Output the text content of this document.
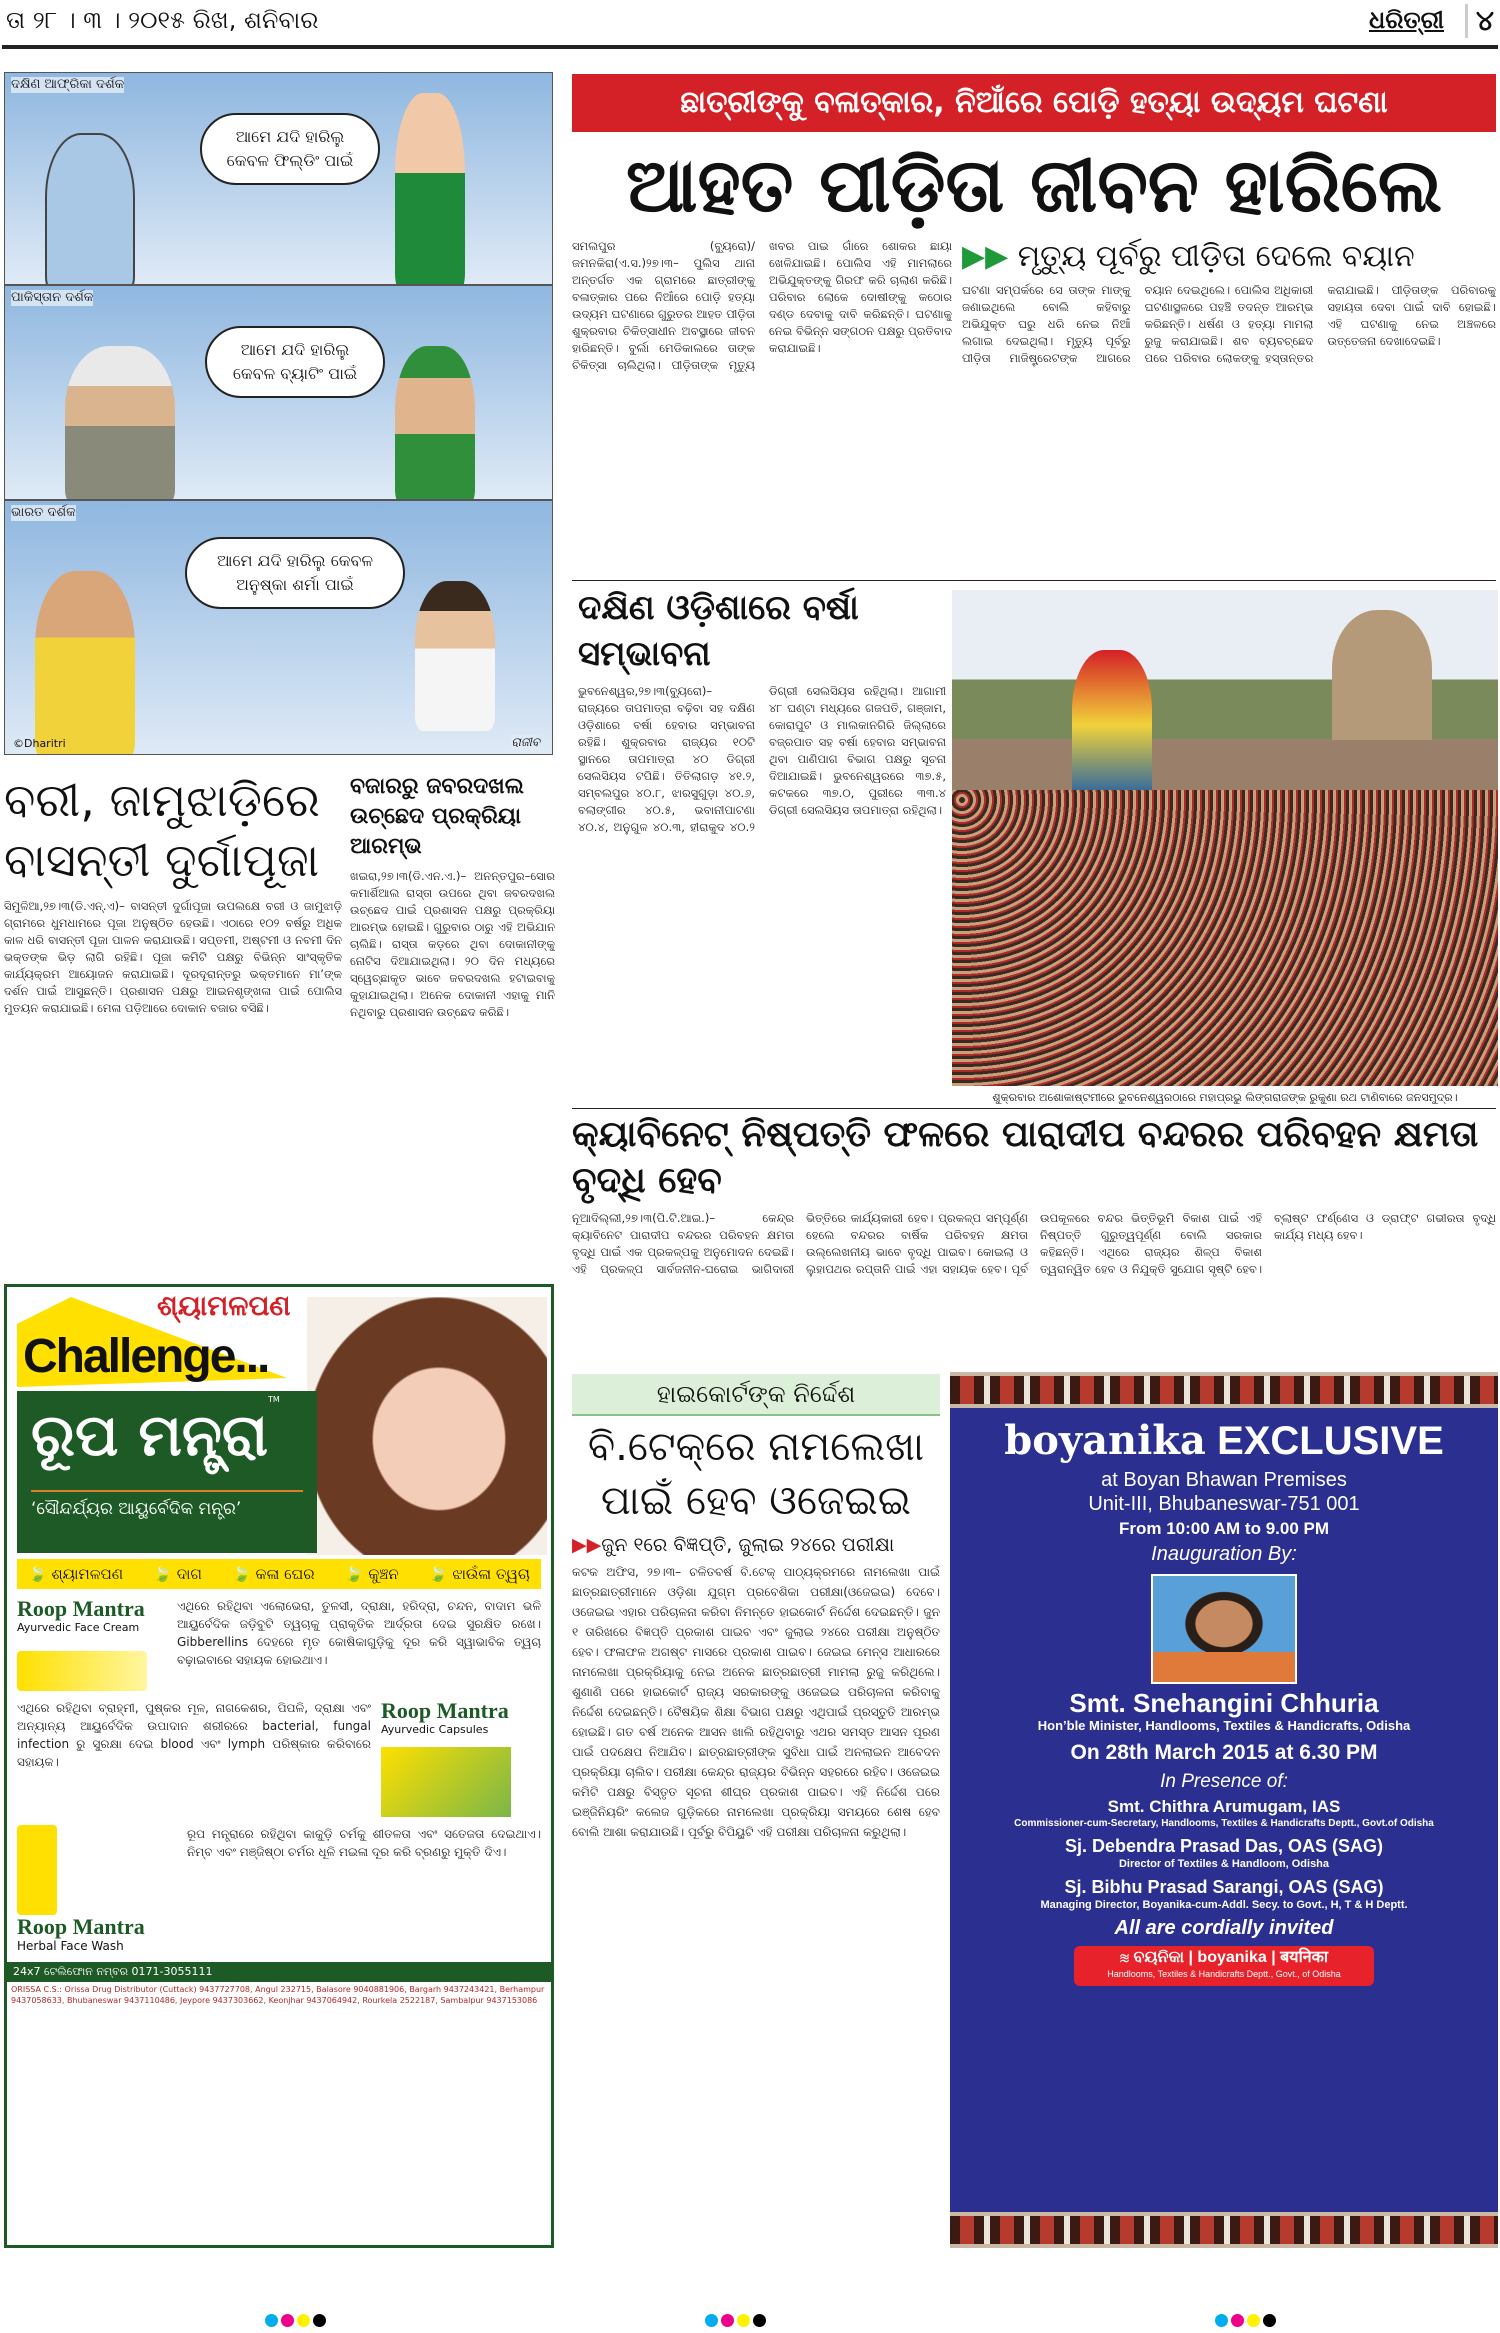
ତା ୨୮ । ୩ । ୨୦୧୫ ରିଖ, ଶନିବାର	ଧରିତ୍ରୀ	୪
ଦକ୍ଷିଣ ଆଫ୍ରିକା ଦର୍ଶକ
ଆମେ ଯଦି ହାରିଲୁ କେବଳ ଫିଲ୍ଡିଂ ପାଇଁ
ପାକିସ୍ତାନ ଦର୍ଶକ
ଆମେ ଯଦି ହାରିଲୁ କେବଳ ବ୍ୟାଟିଂ ପାଇଁ
ଭାରତ ଦର୍ଶକ
ଆମେ ଯଦି ହାରିଲୁ କେବଳ ଅନୁଷ୍କା ଶର୍ମା ପାଇଁ
©Dharitri	ରାଜୀବ
ଛାତ୍ରୀଙ୍କୁ ବଳାତ୍କାର, ନିଆଁରେ ପୋଡ଼ି ହତ୍ୟା ଉଦ୍ୟମ ଘଟଣା
ଆହତ ପୀଡ଼ିତା ଜୀବନ ହାରିଲେ
ସମଲପୁର (ବ୍ୟୁରୋ)/ଜମନକିରା(ଏ.ସ.)୨୭।୩– ପୁଲିସ ଥାନା ଅନ୍ତର୍ଗତ ଏକ ଗ୍ରାମରେ ଛାତ୍ରୀଙ୍କୁ ବଳାତ୍କାର ପରେ ନିଆଁରେ ପୋଡ଼ି ହତ୍ୟା ଉଦ୍ୟମ ଘଟଣାରେ ଗୁରୁତର ଆହତ ପୀଡ଼ିତା ଶୁକ୍ରବାର ଚିକିତ୍ସାଧୀନ ଅବସ୍ଥାରେ ଜୀବନ ହାରିଛନ୍ତି। ବୁର୍ଲା ମେଡିକାଲରେ ତାଙ୍କ ଚିକିତ୍ସା ଚାଲିଥିଲା। ପୀଡ଼ିତାଙ୍କ ମୃତ୍ୟୁ ଖବର ପାଇ ଗାଁରେ ଶୋକର ଛାୟା ଖେଳିଯାଇଛି। ପୋଲିସ ଏହି ମାମଲାରେ ଅଭିଯୁକ୍ତଙ୍କୁ ଗିରଫ କରି ଚାଲାଣ କରିଛି। ପରିବାର ଲୋକେ ଦୋଷୀଙ୍କୁ କଠୋର ଦଣ୍ଡ ଦେବାକୁ ଦାବି କରିଛନ୍ତି। ଘଟଣାକୁ ନେଇ ବିଭିନ୍ନ ସଙ୍ଗଠନ ପକ୍ଷରୁ ପ୍ରତିବାଦ କରାଯାଇଛି।
▶▶ ମୃତ୍ୟୁ ପୂର୍ବରୁ ପୀଡ଼ିତା ଦେଲେ ବୟାନ
ଘଟଣା ସମ୍ପର୍କରେ ସେ ତାଙ୍କ ମାଙ୍କୁ ଜଣାଇଥିଲେ ବୋଲି କହିବାରୁ ଅଭିଯୁକ୍ତ ଘରୁ ଧରି ନେଇ ନିଆଁ ଲଗାଇ ଦେଇଥିଲା। ମୃତ୍ୟୁ ପୂର୍ବରୁ ପୀଡ଼ିତା ମାଜିଷ୍ଟ୍ରେଟଙ୍କ ଆଗରେ ବୟାନ ଦେଇଥିଲେ। ପୋଲିସ ଅଧିକାରୀ ଘଟଣାସ୍ଥଳରେ ପହଞ୍ଚି ତଦନ୍ତ ଆରମ୍ଭ କରିଛନ୍ତି। ଧର୍ଷଣ ଓ ହତ୍ୟା ମାମଲା ରୁଜୁ କରାଯାଇଛି। ଶବ ବ୍ୟବଚ୍ଛେଦ ପରେ ପରିବାର ଲୋକଙ୍କୁ ହସ୍ତାନ୍ତର କରାଯାଇଛି। ପୀଡ଼ିତାଙ୍କ ପରିବାରକୁ ସହାୟତା ଦେବା ପାଇଁ ଦାବି ହୋଇଛି। ଏହି ଘଟଣାକୁ ନେଇ ଅଞ୍ଚଳରେ ଉତ୍ତେଜନା ଦେଖାଦେଇଛି।
ଦକ୍ଷିଣ ଓଡ଼ିଶାରେ ବର୍ଷା ସମ୍ଭାବନା
ଭୁବନେଶ୍ୱର,୨୭।୩(ବ୍ୟୁରୋ)– ରାଜ୍ୟରେ ତାପମାତ୍ରା ବଢ଼ିବା ସହ ଦକ୍ଷିଣ ଓଡ଼ିଶାରେ ବର୍ଷା ହେବାର ସମ୍ଭାବନା ରହିଛି। ଶୁକ୍ରବାର ରାଜ୍ୟର ୧୦ଟି ସ୍ଥାନରେ ତାପମାତ୍ରା ୪୦ ଡିଗ୍ରୀ ସେଲସିୟସ ଟପିଛି। ତିତିଲାଗଡ଼ ୪୧.୨, ସମ୍ବଲପୁର ୪୦.୮, ଝାରସୁଗୁଡ଼ା ୪୦.୬, ବଲାଙ୍ଗୀର ୪୦.୫, ଭବାନୀପାଟଣା ୪୦.୪, ଅନୁଗୁଳ ୪୦.୩, ହୀରାକୁଦ ୪୦.୨ ଡିଗ୍ରୀ ସେଲସିୟସ ରହିଥିଲା। ଆଗାମୀ ୪୮ ଘଣ୍ଟା ମଧ୍ୟରେ ଗଜପତି, ଗଞ୍ଜାମ, କୋରାପୁଟ ଓ ମାଲକାନଗିରି ଜିଲ୍ଲାରେ ବଜ୍ରପାତ ସହ ବର୍ଷା ହେବାର ସମ୍ଭାବନା ଥିବା ପାଣିପାଗ ବିଭାଗ ପକ୍ଷରୁ ସୂଚନା ଦିଆଯାଇଛି। ଭୁବନେଶ୍ୱରରେ ୩୭.୫, କଟକରେ ୩୭.୦, ପୁରୀରେ ୩୩.୪ ଡିଗ୍ରୀ ସେଲସିୟସ ତାପମାତ୍ରା ରହିଥିଲା।
ଶୁକ୍ରବାର ଅଶୋକାଷ୍ଟମୀରେ ଭୁବନେଶ୍ୱରଠାରେ ମହାପ୍ରଭୁ ଲିଙ୍ଗରାଜଙ୍କ ରୁକୁଣା ରଥ ଟାଣିବାରେ ଜନସମୁଦ୍ର।
ବରୀ, ଜାମୁଝାଡ଼ିରେ ବାସନ୍ତୀ ଦୁର୍ଗାପୂଜା
ସିମୁଳିଆ,୨୭।୩(ଡି.ଏନ୍.ଏ)– ବାସନ୍ତୀ ଦୁର୍ଗାପୂଜା ଉପଲକ୍ଷେ ବରୀ ଓ ଜାମୁଝାଡ଼ି ଗ୍ରାମରେ ଧୁମଧାମରେ ପୂଜା ଅନୁଷ୍ଠିତ ହେଉଛି। ଏଠାରେ ୧୦୨ ବର୍ଷରୁ ଅଧିକ କାଳ ଧରି ବାସନ୍ତୀ ପୂଜା ପାଳନ କରାଯାଉଛି। ସପ୍ତମୀ, ଅଷ୍ଟମୀ ଓ ନବମୀ ଦିନ ଭକ୍ତଙ୍କ ଭିଡ଼ ଲାଗି ରହିଛି। ପୂଜା କମିଟି ପକ୍ଷରୁ ବିଭିନ୍ନ ସାଂସ୍କୃତିକ କାର୍ଯ୍ୟକ୍ରମ ଆୟୋଜନ କରାଯାଇଛି। ଦୂରଦୂରାନ୍ତରୁ ଭକ୍ତମାନେ ମା’ଙ୍କ ଦର୍ଶନ ପାଇଁ ଆସୁଛନ୍ତି। ପ୍ରଶାସନ ପକ୍ଷରୁ ଆଇନଶୃଙ୍ଖଳା ପାଇଁ ପୋଲିସ ମୁତୟନ କରାଯାଇଛି। ମେଳା ପଡ଼ିଆରେ ଦୋକାନ ବଜାର ବସିଛି।
ବଜାରରୁ ଜବରଦଖଲ ଉଚ୍ଛେଦ ପ୍ରକ୍ରିୟା ଆରମ୍ଭ
ଖଇରା,୨୭।୩(ଡି.ଏନ.ଏ.)– ଅନନ୍ତପୁର–ସୋର କମାର୍ଶିଆଲ ରାସ୍ତା ଉପରେ ଥିବା ଜବରଦଖଲ ଉଚ୍ଛେଦ ପାଇଁ ପ୍ରଶାସନ ପକ୍ଷରୁ ପ୍ରକ୍ରିୟା ଆରମ୍ଭ ହୋଇଛି। ଗୁରୁବାର ଠାରୁ ଏହି ଅଭିଯାନ ଚାଲିଛି। ରାସ୍ତା କଡ଼ରେ ଥିବା ଦୋକାନୀଙ୍କୁ ନୋଟିସ ଦିଆଯାଇଥିଲା। ୨୦ ଦିନ ମଧ୍ୟରେ ସ୍ୱେଚ୍ଛାକୃତ ଭାବେ ଜବରଦଖଲ ହଟାଇବାକୁ କୁହାଯାଇଥିଲା। ଅନେକ ଦୋକାନୀ ଏହାକୁ ମାନି ନଥିବାରୁ ପ୍ରଶାସନ ଉଚ୍ଛେଦ କରିଛି।
କ୍ୟାବିନେଟ୍ ନିଷ୍ପତ୍ତି ଫଳରେ ପାରାଦୀପ ବନ୍ଦରର ପରିବହନ କ୍ଷମତା ବୃଦ୍ଧି ହେବ
ନୂଆଦିଲ୍ଲୀ,୨୭।୩(ପି.ଟି.ଆଇ.)– କେନ୍ଦ୍ର କ୍ୟାବିନେଟ ପାରାଦୀପ ବନ୍ଦରର ପରିବହନ କ୍ଷମତା ବୃଦ୍ଧି ପାଇଁ ଏକ ପ୍ରକଳ୍ପକୁ ଅନୁମୋଦନ ଦେଇଛି। ଏହି ପ୍ରକଳ୍ପ ସାର୍ବଜନୀନ-ଘରୋଇ ଭାଗିଦାରୀ ଭିତ୍ତିରେ କାର୍ଯ୍ୟକାରୀ ହେବ। ପ୍ରକଳ୍ପ ସମ୍ପୂର୍ଣ୍ଣ ହେଲେ ବନ୍ଦରର ବାର୍ଷିକ ପରିବହନ କ୍ଷମତା ଉଲ୍ଲେଖନୀୟ ଭାବେ ବୃଦ୍ଧି ପାଇବ। କୋଇଲା ଓ ଲୁହାପଥର ରପ୍ତାନି ପାଇଁ ଏହା ସହାୟକ ହେବ। ପୂର୍ବ ଉପକୂଳରେ ବନ୍ଦର ଭିତ୍ତିଭୂମି ବିକାଶ ପାଇଁ ଏହି ନିଷ୍ପତ୍ତି ଗୁରୁତ୍ୱପୂର୍ଣ୍ଣ ବୋଲି ସରକାର କହିଛନ୍ତି। ଏଥିରେ ରାଜ୍ୟର ଶିଳ୍ପ ବିକାଶ ତ୍ୱରାନ୍ୱିତ ହେବ ଓ ନିଯୁକ୍ତି ସୁଯୋଗ ସୃଷ୍ଟି ହେବ। ବ୍ଲାଷ୍ଟ ଫର୍ଣ୍ଣେସ ଓ ଡ୍ରାଫ୍ଟ ଗଭୀରତା ବୃଦ୍ଧି କାର୍ଯ୍ୟ ମଧ୍ୟ ହେବ।
ଶ୍ୟାମଳପଣ
Challenge...
ରୂପ ମନ୍ତ୍ରା™
‘ସୌନ୍ଦର୍ଯ୍ୟର ଆୟୁର୍ବେଦିକ ମନ୍ତ୍ର’
🍃 ଶ୍ୟାମଳପଣ 🍃 ଦାଗ 🍃 କଳା ଘେର 🍃 କୁଞ୍ଚନ 🍃 ଝାଉଁଳା ତ୍ୱଚା
Roop Mantra
Ayurvedic Face Cream
ଏଥିରେ ରହିଥିବା ଏଲୋଭେରା, ତୁଳସୀ, ଦ୍ରାକ୍ଷା, ହରିଦ୍ରା, ଚନ୍ଦନ, ବାଦାମ ଭଳି ଆୟୁର୍ବେଦିକ ଜଡ଼ିବୁଟି ତ୍ୱଚାକୁ ପ୍ରାକୃତିକ ଆର୍ଦ୍ରତା ଦେଇ ସୁରକ୍ଷିତ ରଖେ। Gibberellins ଦେହରେ ମୃତ କୋଷିକାଗୁଡ଼ିକୁ ଦୂର କରି ସ୍ୱାଭାବିକ ତ୍ୱଚା ବଢ଼ାଇବାରେ ସହାୟକ ହୋଇଥାଏ।
ଏଥିରେ ରହିଥିବା ବ୍ରାହ୍ମୀ, ପୁଷ୍କର ମୂଳ, ନାଗକେଶର, ପିପଳି, ଦ୍ରାକ୍ଷା ଏବଂ ଅନ୍ୟାନ୍ୟ ଆୟୁର୍ବେଦିକ ଉପାଦାନ ଶରୀରରେ bacterial, fungal infection ରୁ ସୁରକ୍ଷା ଦେଇ blood ଏବଂ lymph ପରିଷ୍କାର କରିବାରେ ସହାୟକ।
Roop Mantra
Ayurvedic Capsules
Roop Mantra
Herbal Face Wash
ରୂପ ମନ୍ତ୍ରାରେ ରହିଥିବା କାକୁଡ଼ି ଚର୍ମକୁ ଶୀତଳତା ଏବଂ ସତେଜତା ଦେଇଥାଏ। ନିମ୍ବ ଏବଂ ମଞ୍ଜିଷ୍ଠା ଚର୍ମର ଧୂଳି ମଇଳା ଦୂର କରି ବ୍ରଣରୁ ମୁକ୍ତି ଦିଏ।
24x7 ଟେଲିଫୋନ ନମ୍ବର 0171-3055111
ORISSA C.S.: Orissa Drug Distributor (Cuttack) 9437727708, Angul 232715, Balasore 9040881906, Bargarh 9437243421, Berhampur 9437058633, Bhubaneswar 9437110486, Jeypore 9437303662, Keonjhar 9437064942, Rourkela 2522187, Sambalpur 9437153086
ହାଇକୋର୍ଟଙ୍କ ନିର୍ଦ୍ଦେଶ
ବି.ଟେକ୍‌ରେ ନାମଲେଖା ପାଇଁ ହେବ ଓଜେଇଇ
▶▶ଜୁନ ୧ରେ ବିଜ୍ଞପ୍ତି, ଜୁଲାଇ ୨୪ରେ ପରୀକ୍ଷା
କଟକ ଅଫିସ, ୨୭।୩– ଚଳିତବର୍ଷ ବି.ଟେକ୍ ପାଠ୍ୟକ୍ରମରେ ନାମଲେଖା ପାଇଁ ଛାତ୍ରଛାତ୍ରୀମାନେ ଓଡ଼ିଶା ଯୁଗ୍ମ ପ୍ରବେଶିକା ପରୀକ୍ଷା(ଓଜେଇଇ) ଦେବେ। ଓଜେଇଇ ଏହାର ପରିଚାଳନା କରିବା ନିମନ୍ତେ ହାଇକୋର୍ଟ ନିର୍ଦ୍ଦେଶ ଦେଇଛନ୍ତି। ଜୁନ ୧ ତାରିଖରେ ବିଜ୍ଞପ୍ତି ପ୍ରକାଶ ପାଇବ ଏବଂ ଜୁଲାଇ ୨୪ରେ ପରୀକ୍ଷା ଅନୁଷ୍ଠିତ ହେବ। ଫଳାଫଳ ଅଗଷ୍ଟ ମାସରେ ପ୍ରକାଶ ପାଇବ। ଜେଇଇ ମେନ୍ସ ଆଧାରରେ ନାମଲେଖା ପ୍ରକ୍ରିୟାକୁ ନେଇ ଅନେକ ଛାତ୍ରଛାତ୍ରୀ ମାମଲା ରୁଜୁ କରିଥିଲେ। ଶୁଣାଣି ପରେ ହାଇକୋର୍ଟ ରାଜ୍ୟ ସରକାରଙ୍କୁ ଓଜେଇଇ ପରିଚାଳନା କରିବାକୁ ନିର୍ଦ୍ଦେଶ ଦେଇଛନ୍ତି। ବୈଷୟିକ ଶିକ୍ଷା ବିଭାଗ ପକ୍ଷରୁ ଏଥିପାଇଁ ପ୍ରସ୍ତୁତି ଆରମ୍ଭ ହୋଇଛି। ଗତ ବର୍ଷ ଅନେକ ଆସନ ଖାଲି ରହିଥିବାରୁ ଏଥର ସମସ୍ତ ଆସନ ପୂରଣ ପାଇଁ ପଦକ୍ଷେପ ନିଆଯିବ। ଛାତ୍ରଛାତ୍ରୀଙ୍କ ସୁବିଧା ପାଇଁ ଅନଲାଇନ ଆବେଦନ ପ୍ରକ୍ରିୟା ଚାଲିବ। ପରୀକ୍ଷା କେନ୍ଦ୍ର ରାଜ୍ୟର ବିଭିନ୍ନ ସହରରେ ରହିବ। ଓଜେଇଇ କମିଟି ପକ୍ଷରୁ ବିସ୍ତୃତ ସୂଚନା ଶୀଘ୍ର ପ୍ରକାଶ ପାଇବ। ଏହି ନିର୍ଦ୍ଦେଶ ପରେ ଇଞ୍ଜିନିୟରିଂ କଲେଜ ଗୁଡ଼ିକରେ ନାମଲେଖା ପ୍ରକ୍ରିୟା ସମୟରେ ଶେଷ ହେବ ବୋଲି ଆଶା କରାଯାଉଛି। ପୂର୍ବରୁ ବିପିୟୁଟି ଏହି ପରୀକ୍ଷା ପରିଚାଳନା କରୁଥିଲା।
boyanika EXCLUSIVE
at Boyan Bhawan Premises
Unit-III, Bhubaneswar-751 001
From 10:00 AM to 9.00 PM
Inauguration By:
Smt. Snehangini Chhuria
Hon’ble Minister, Handlooms, Textiles & Handicrafts, Odisha
On 28th March 2015 at 6.30 PM
In Presence of:
Smt. Chithra Arumugam, IAS
Commissioner-cum-Secretary, Handlooms, Textiles & Handicrafts Deptt., Govt.of Odisha
Sj. Debendra Prasad Das, OAS (SAG)
Director of Textiles & Handloom, Odisha
Sj. Bibhu Prasad Sarangi, OAS (SAG)
Managing Director, Boyanika-cum-Addl. Secy. to Govt., H, T & H Deptt.
All are cordially invited
≋ ବୟନିକା | boyanika | बयनिका
Handlooms, Textiles & Handicrafts Deptt., Govt., of Odisha
